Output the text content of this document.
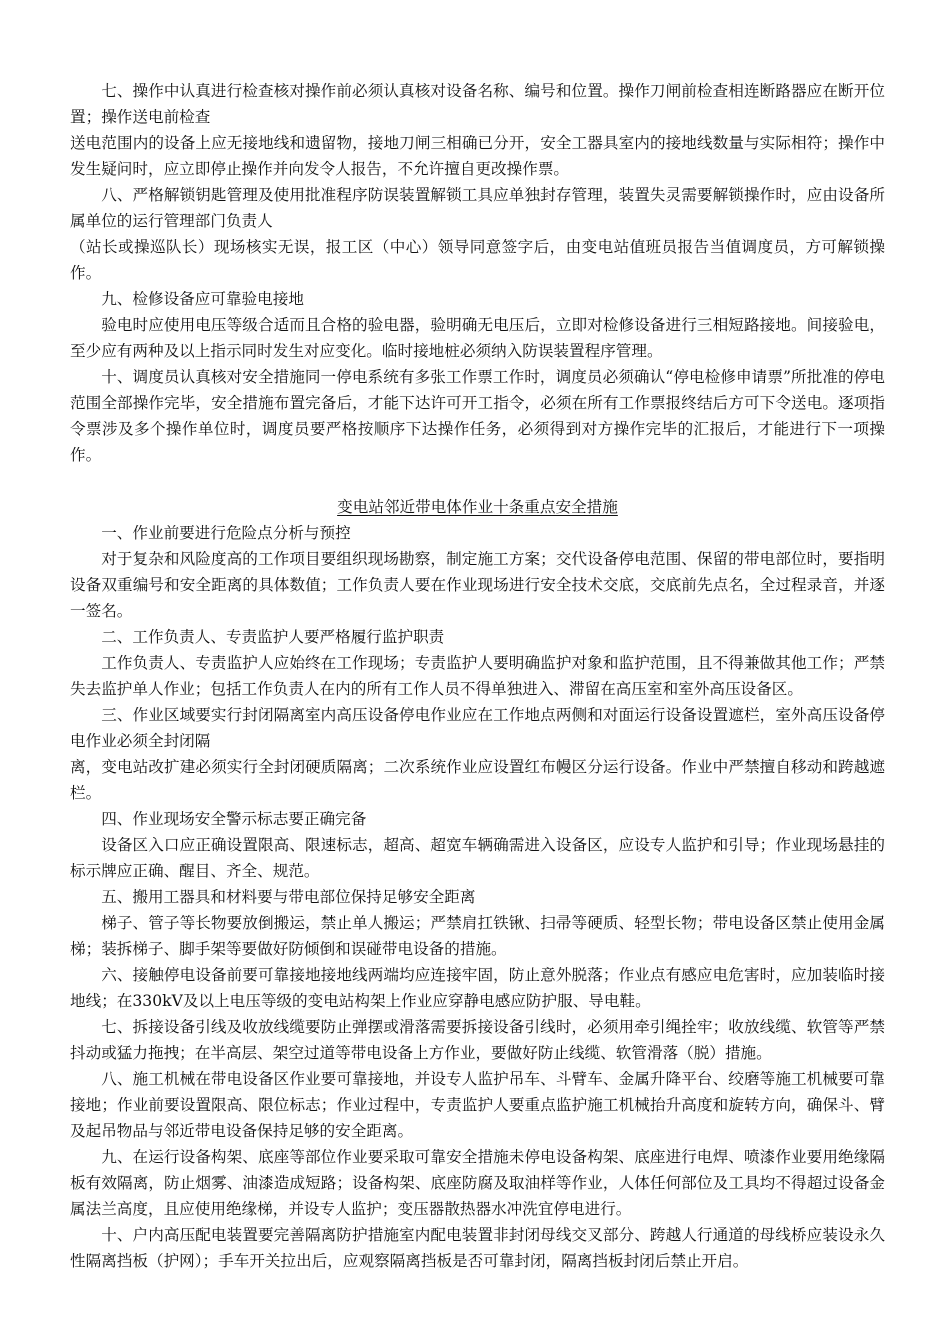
七、操作中认真进行检查核对操作前必须认真核对设备名称、编号和位置。操作刀闸前检查相连断路器应在断开位置；操作送电前检查

送电范围内的设备上应无接地线和遗留物，接地刀闸三相确已分开，安全工器具室内的接地线数量与实际相符；操作中发生疑问时，应立即停止操作并向发令人报告，不允许擅自更改操作票。

八、严格解锁钥匙管理及使用批准程序防误装置解锁工具应单独封存管理，装置失灵需要解锁操作时，应由设备所属单位的运行管理部门负责人

（站长或操巡队长）现场核实无误，报工区（中心）领导同意签字后，由变电站值班员报告当值调度员，方可解锁操作。

九、检修设备应可靠验电接地

验电时应使用电压等级合适而且合格的验电器，验明确无电压后，立即对检修设备进行三相短路接地。间接验电，至少应有两种及以上指示同时发生对应变化。临时接地桩必须纳入防误装置程序管理。

十、调度员认真核对安全措施同一停电系统有多张工作票工作时，调度员必须确认“停电检修申请票”所批准的停电范围全部操作完毕，安全措施布置完备后，才能下达许可开工指令，必须在所有工作票报终结后方可下令送电。逐项指令票涉及多个操作单位时，调度员要严格按顺序下达操作任务，必须得到对方操作完毕的汇报后，才能进行下一项操作。

变电站邻近带电体作业十条重点安全措施

一、作业前要进行危险点分析与预控

对于复杂和风险度高的工作项目要组织现场勘察，制定施工方案；交代设备停电范围、保留的带电部位时，要指明设备双重编号和安全距离的具体数值；工作负责人要在作业现场进行安全技术交底，交底前先点名，全过程录音，并逐一签名。

二、工作负责人、专责监护人要严格履行监护职责

工作负责人、专责监护人应始终在工作现场；专责监护人要明确监护对象和监护范围，且不得兼做其他工作；严禁失去监护单人作业；包括工作负责人在内的所有工作人员不得单独进入、滞留在高压室和室外高压设备区。

三、作业区域要实行封闭隔离室内高压设备停电作业应在工作地点两侧和对面运行设备设置遮栏，室外高压设备停电作业必须全封闭隔

离，变电站改扩建必须实行全封闭硬质隔离；二次系统作业应设置红布幔区分运行设备。作业中严禁擅自移动和跨越遮栏。

四、作业现场安全警示标志要正确完备

设备区入口应正确设置限高、限速标志，超高、超宽车辆确需进入设备区，应设专人监护和引导；作业现场悬挂的标示牌应正确、醒目、齐全、规范。

五、搬用工器具和材料要与带电部位保持足够安全距离

梯子、管子等长物要放倒搬运，禁止单人搬运；严禁肩扛铁锹、扫帚等硬质、轻型长物；带电设备区禁止使用金属梯；装拆梯子、脚手架等要做好防倾倒和误碰带电设备的措施。

六、接触停电设备前要可靠接地接地线两端均应连接牢固，防止意外脱落；作业点有感应电危害时，应加装临时接地线；在330kV及以上电压等级的变电站构架上作业应穿静电感应防护服、导电鞋。

七、拆接设备引线及收放线缆要防止弹摆或滑落需要拆接设备引线时，必须用牵引绳拴牢；收放线缆、软管等严禁抖动或猛力拖拽；在半高层、架空过道等带电设备上方作业，要做好防止线缆、软管滑落（脱）措施。

八、施工机械在带电设备区作业要可靠接地，并设专人监护吊车、斗臂车、金属升降平台、绞磨等施工机械要可靠接地；作业前要设置限高、限位标志；作业过程中，专责监护人要重点监护施工机械抬升高度和旋转方向，确保斗、臂及起吊物品与邻近带电设备保持足够的安全距离。

九、在运行设备构架、底座等部位作业要采取可靠安全措施未停电设备构架、底座进行电焊、喷漆作业要用绝缘隔板有效隔离，防止烟雾、油漆造成短路；设备构架、底座防腐及取油样等作业，人体任何部位及工具均不得超过设备金属法兰高度，且应使用绝缘梯，并设专人监护；变压器散热器水冲洗宜停电进行。

十、户内高压配电装置要完善隔离防护措施室内配电装置非封闭母线交叉部分、跨越人行通道的母线桥应装设永久性隔离挡板（护网）；手车开关拉出后，应观察隔离挡板是否可靠封闭，隔离挡板封闭后禁止开启。
